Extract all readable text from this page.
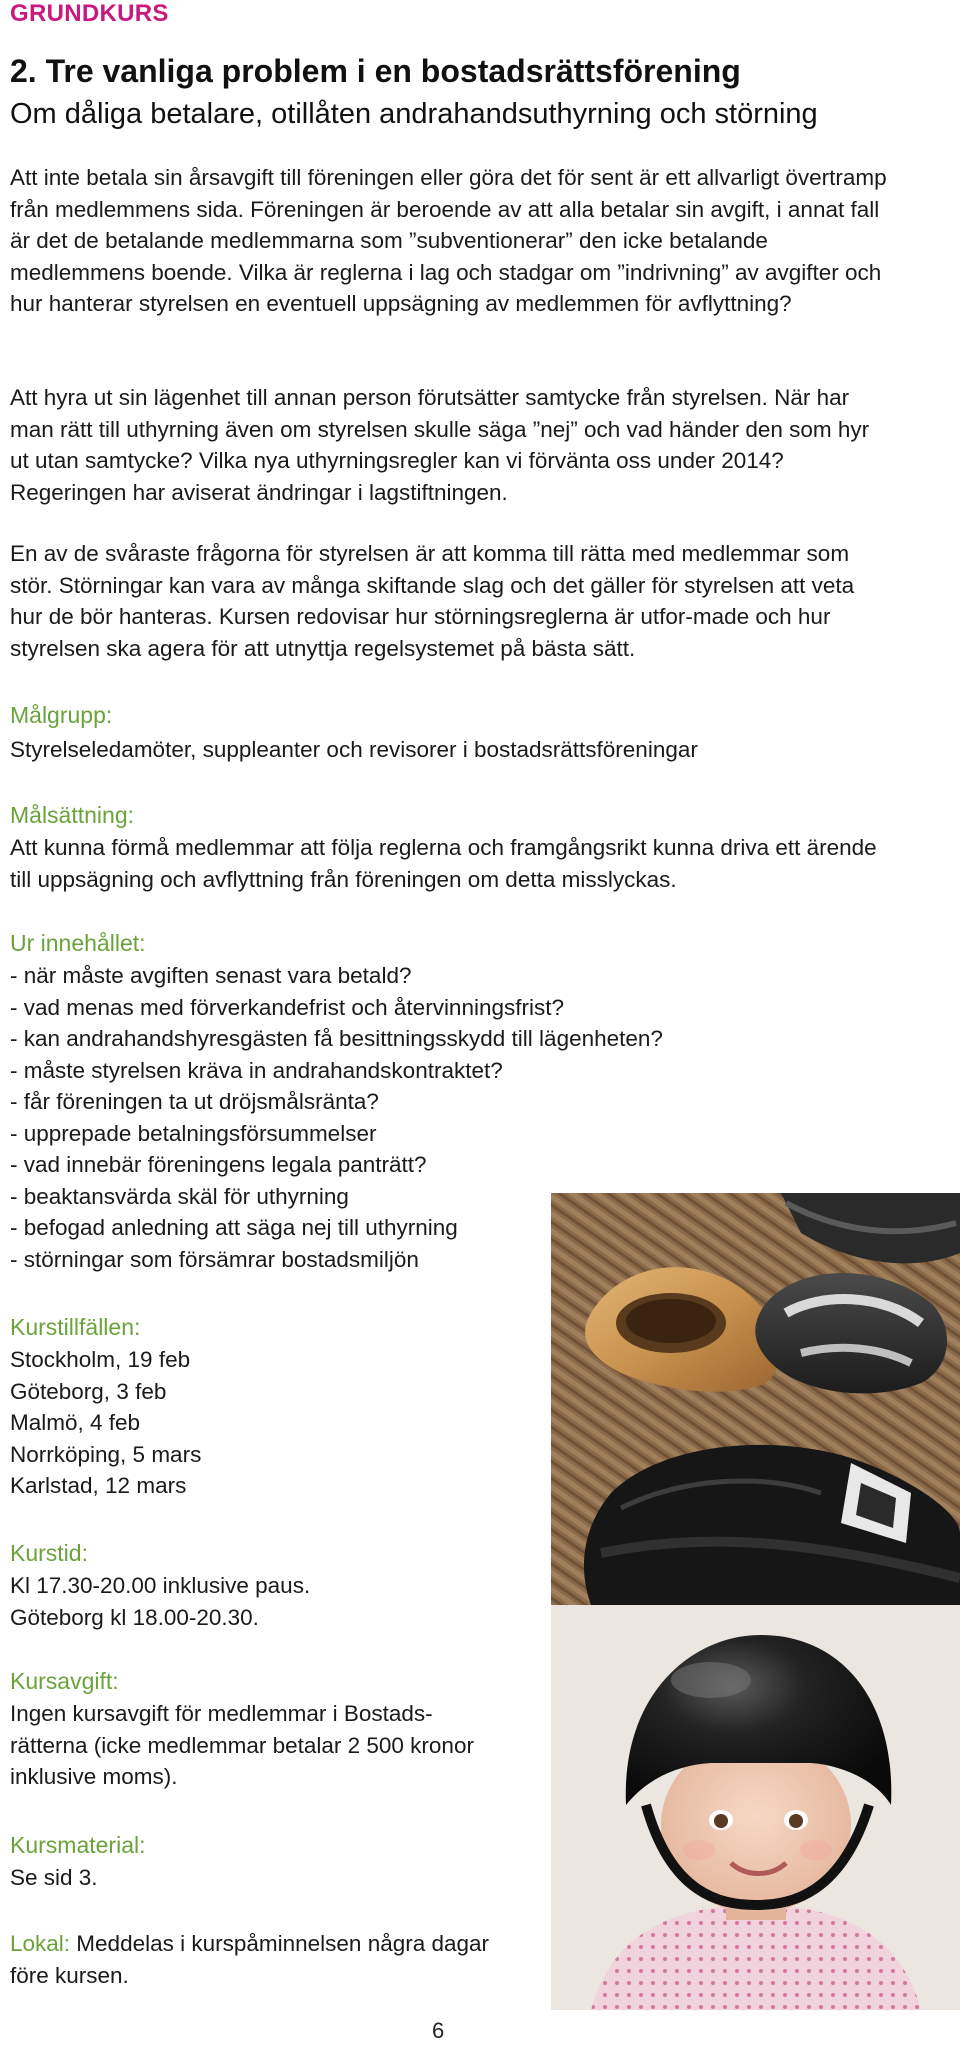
GRUNDKURS
2. Tre vanliga problem i en bostadsrättsförening
Om dåliga betalare, otillåten andrahandsuthyrning och störning

Att inte betala sin årsavgift till föreningen eller göra det för sent är ett allvarligt övertramp från medlemmens sida. Föreningen är beroende av att alla betalar sin avgift, i annat fall är det de betalande medlemmarna som ”subventionerar” den icke betalande medlemmens boende. Vilka är reglerna i lag och stadgar om ”indrivning” av avgifter och hur hanterar styrelsen en eventuell uppsägning av medlemmen för avflyttning?

Att hyra ut sin lägenhet till annan person förutsätter samtycke från styrelsen. När har man rätt till uthyrning även om styrelsen skulle säga ”nej” och vad händer den som hyr ut utan samtycke? Vilka nya uthyrningsregler kan vi förvänta oss under 2014? Regeringen har aviserat ändringar i lagstiftningen.

En av de svåraste frågorna för styrelsen är att komma till rätta med medlemmar som stör. Störningar kan vara av många skiftande slag och det gäller för styrelsen att veta hur de bör hanteras. Kursen redovisar hur störningsreglerna är utfor-made och hur styrelsen ska agera för att utnyttja regelsystemet på bästa sätt.

Målgrupp:

Styrelseledamöter, suppleanter och revisorer i bostadsrättsföreningar

Målsättning:

Att kunna förmå medlemmar att följa reglerna och framgångsrikt kunna driva ett ärende till uppsägning och avflyttning från föreningen om detta misslyckas.

Ur innehållet:
- när måste avgiften senast vara betald?
- vad menas med förverkandefrist och återvinningsfrist?
- kan andrahandshyresgästen få besittningsskydd till lägenheten?
- måste styrelsen kräva in andrahandskontraktet?
- får föreningen ta ut dröjsmålsränta?
- upprepade betalningsförsummelser
- vad innebär föreningens legala panträtt?
- beaktansvärda skäl för uthyrning
- befogad anledning att säga nej till uthyrning
- störningar som försämrar bostadsmiljön
Kurstillfällen:
Stockholm, 19 feb
Göteborg, 3 feb
Malmö, 4 feb
Norrköping, 5 mars
Karlstad, 12 mars
Kurstid:
Kl 17.30-20.00 inklusive paus.
Göteborg kl 18.00-20.30.
Kursavgift:
Ingen kursavgift för medlemmar i Bostads-
rätterna (icke medlemmar betalar 2 500 kronor
inklusive moms).
Kursmaterial:
Se sid 3.
Lokal: Meddelas i kurspåminnelsen några dagar
före kursen.
6
